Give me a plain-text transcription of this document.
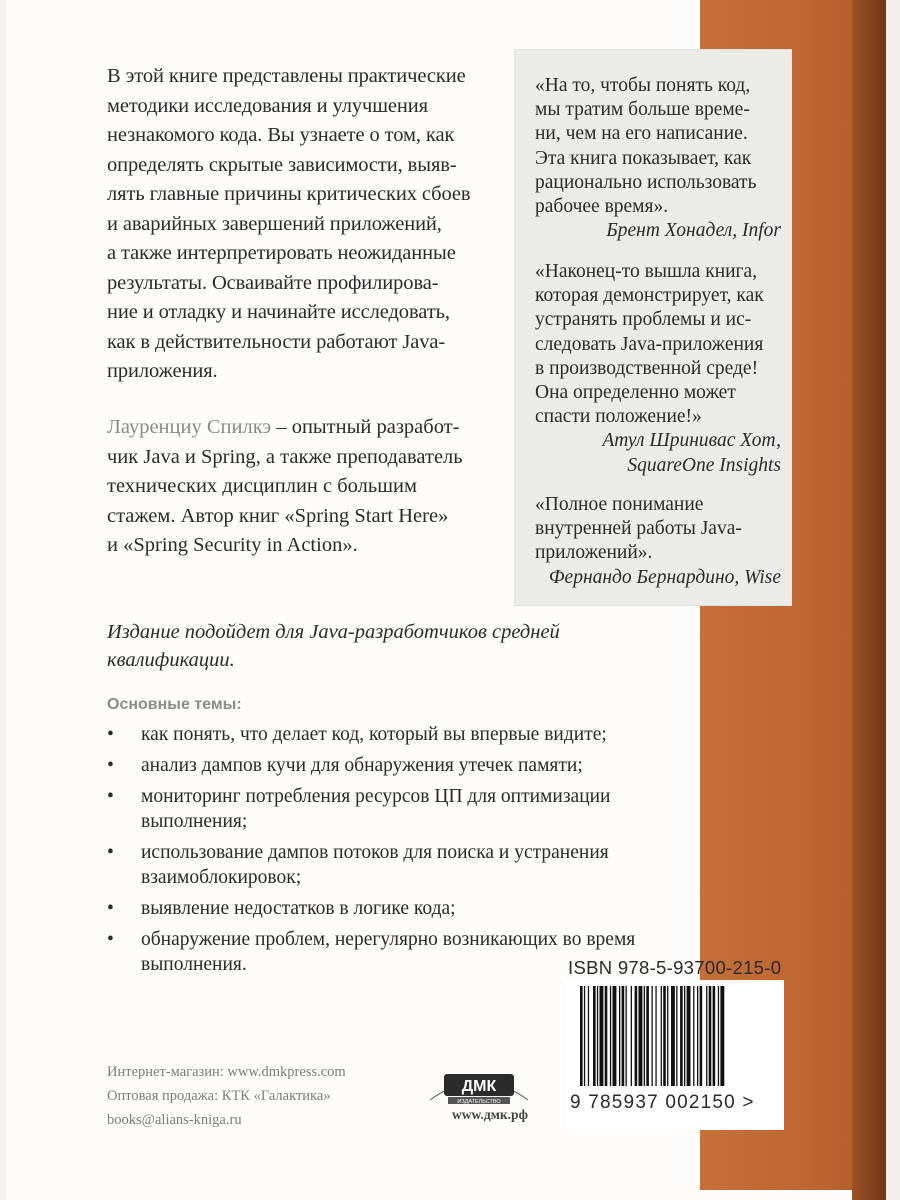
В этой книге представлены практические
методики исследования и улучшения
незнакомого кода. Вы узнаете о том, как
определять скрытые зависимости, выяв-
лять главные причины критических сбоев
и аварийных завершений приложений,
а также интерпретировать неожиданные
результаты. Осваивайте профилирова-
ние и отладку и начинайте исследовать,
как в действительности работают Java-
приложения.
Лауренциу Спилкэ – опытный разработ-
чик Java и Spring, а также преподаватель
технических дисциплин с большим
стажем. Автор книг «Spring Start Here»
и «Spring Security in Action».
«На то, чтобы понять код,
мы тратим больше време-
ни, чем на его написание.
Эта книга показывает, как
рационально использовать
рабочее время».
Брент Хонадел, Infor
«Наконец-то вышла книга,
которая демонстрирует, как
устранять проблемы и ис-
следовать Java-приложения
в производственной среде!
Она определенно может
спасти положение!»
Атул Шринивас Хот,
SquareOne Insights
«Полное понимание
внутренней работы Java-
приложений».
Фернандо Бернардино, Wise
Издание подойдет для Java-разработчиков средней
квалификации.
Основные темы:
• как понять, что делает код, который вы впервые видите;
• анализ дампов кучи для обнаружения утечек памяти;
• мониторинг потребления ресурсов ЦП для оптимизации
выполнения;
• использование дампов потоков для поиска и устранения
взаимоблокировок;
• выявление недостатков в логике кода;
• обнаружение проблем, нерегулярно возникающих во время
выполнения.	ISBN 978-5-93700-215-0
9 785937 002150 >
Интернет-магазин: www.dmkpress.com
Оптовая продажа: КТК «Галактика»
books@alians-kniga.ru
ДМК
ИЗДАТЕЛЬСТВО
www.дмк.рф
